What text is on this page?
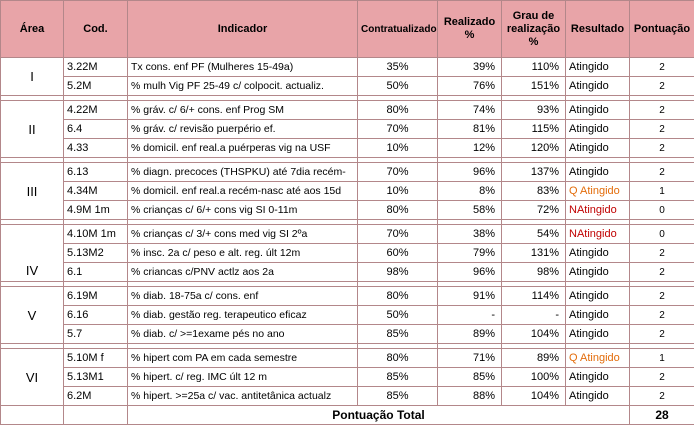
Área	Cod.	Indicador	Contratualizado	Realizado %	Grau de realização %	Resultado	Pontuação
I	3.22M	Tx cons. enf PF (Mulheres 15-49a)	35%	39%	110%	Atingido	2
	5.2M	% mulh Vig PF 25-49 c/ colpocit. actualiz.	50%	76%	151%	Atingido	2

II	4.22M	% gráv. c/ 6/+ cons. enf Prog SM	80%	74%	93%	Atingido	2
	6.4	% gráv. c/ revisão puerpério ef.	70%	81%	115%	Atingido	2
	4.33	% domicil. enf real.a puérperas vig na USF	10%	12%	120%	Atingido	2

III	6.13	% diagn. precoces (THSPKU) até 7dia recém-	70%	96%	137%	Atingido	2
	4.34M	% domicil. enf real.a recém-nasc até aos 15d	10%	8%	83%	Q Atingido	1
	4.9M 1m	% crianças c/ 6/+ cons vig SI 0-11m	80%	58%	72%	NAtingido	0

IV	4.10M 1m	% crianças c/ 3/+ cons med vig SI 2ºa	70%	38%	54%	NAtingido	0
	5.13M2	% insc. 2a c/ peso e alt. reg. últ 12m	60%	79%	131%	Atingido	2
	6.1	% criancas c/PNV actlz aos 2a	98%	96%	98%	Atingido	2

V	6.19M	% diab. 18-75a c/ cons. enf	80%	91%	114%	Atingido	2
	6.16	% diab. gestão reg. terapeutico eficaz	50%	-	-	Atingido	2
	5.7	% diab. c/ >=1exame pés no ano	85%	89%	104%	Atingido	2

VI	5.10M f	% hipert com PA em cada semestre	80%	71%	89%	Q Atingido	1
	5.13M1	% hipert. c/ reg. IMC últ 12 m	85%	85%	100%	Atingido	2
	6.2M	% hipert. >=25a c/ vac. antitetânica actualz	85%	88%	104%	Atingido	2
		Pontuação Total					28
